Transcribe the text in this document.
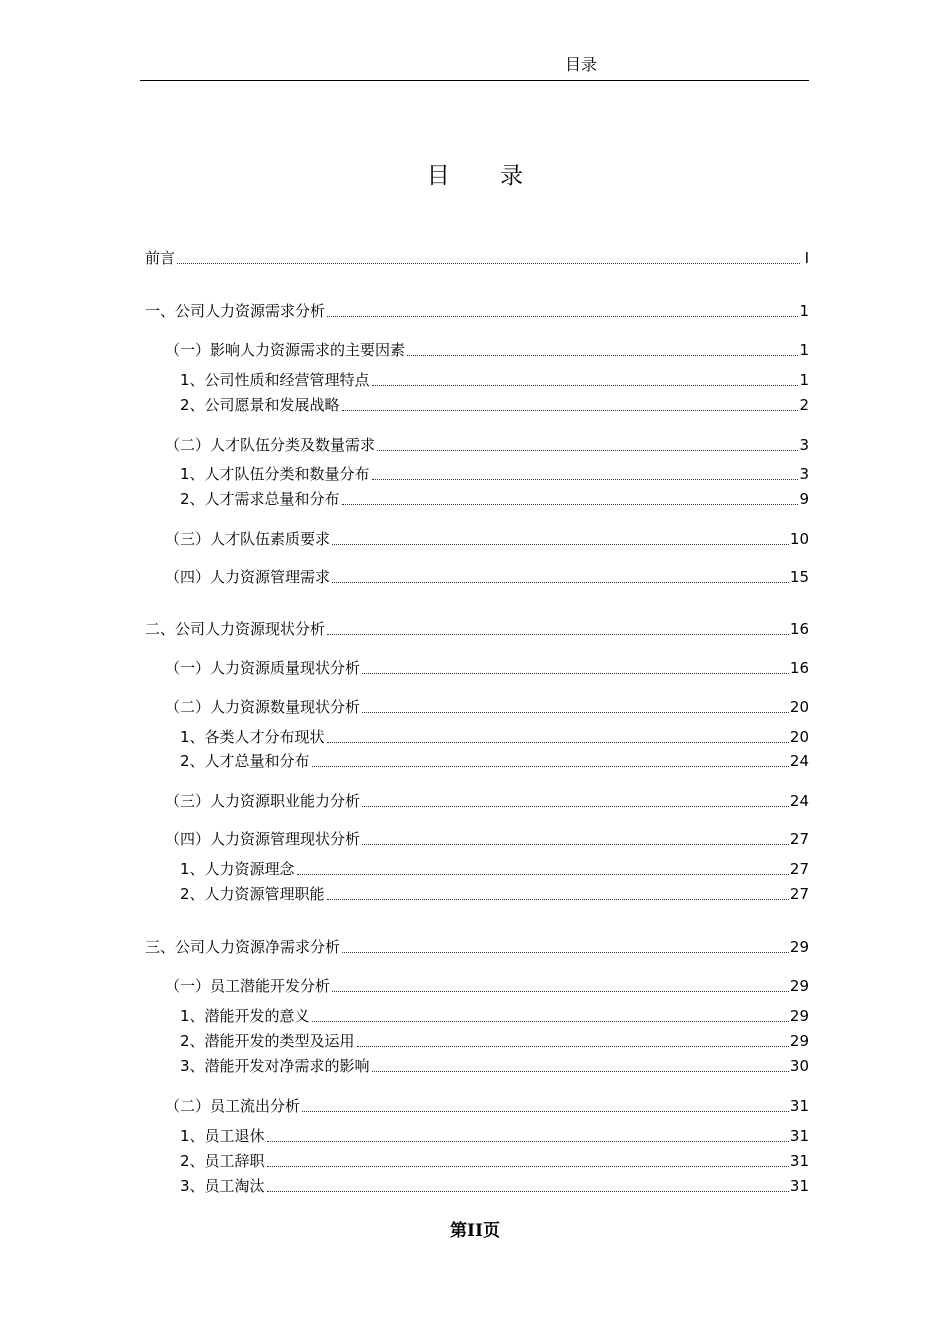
目录
目 录
前言	I
一、公司人力资源需求分析	1
（一）影响人力资源需求的主要因素	1
1、公司性质和经营管理特点	1
2、公司愿景和发展战略	2
（二）人才队伍分类及数量需求	3
1、人才队伍分类和数量分布	3
2、人才需求总量和分布	9
（三）人才队伍素质要求	10
（四）人力资源管理需求	15
二、公司人力资源现状分析	16
（一）人力资源质量现状分析	16
（二）人力资源数量现状分析	20
1、各类人才分布现状	20
2、人才总量和分布	24
（三）人力资源职业能力分析	24
（四）人力资源管理现状分析	27
1、人力资源理念	27
2、人力资源管理职能	27
三、公司人力资源净需求分析	29
（一）员工潜能开发分析	29
1、潜能开发的意义	29
2、潜能开发的类型及运用	29
3、潜能开发对净需求的影响	30
（二）员工流出分析	31
1、员工退休	31
2、员工辞职	31
3、员工淘汰	31
第II页
